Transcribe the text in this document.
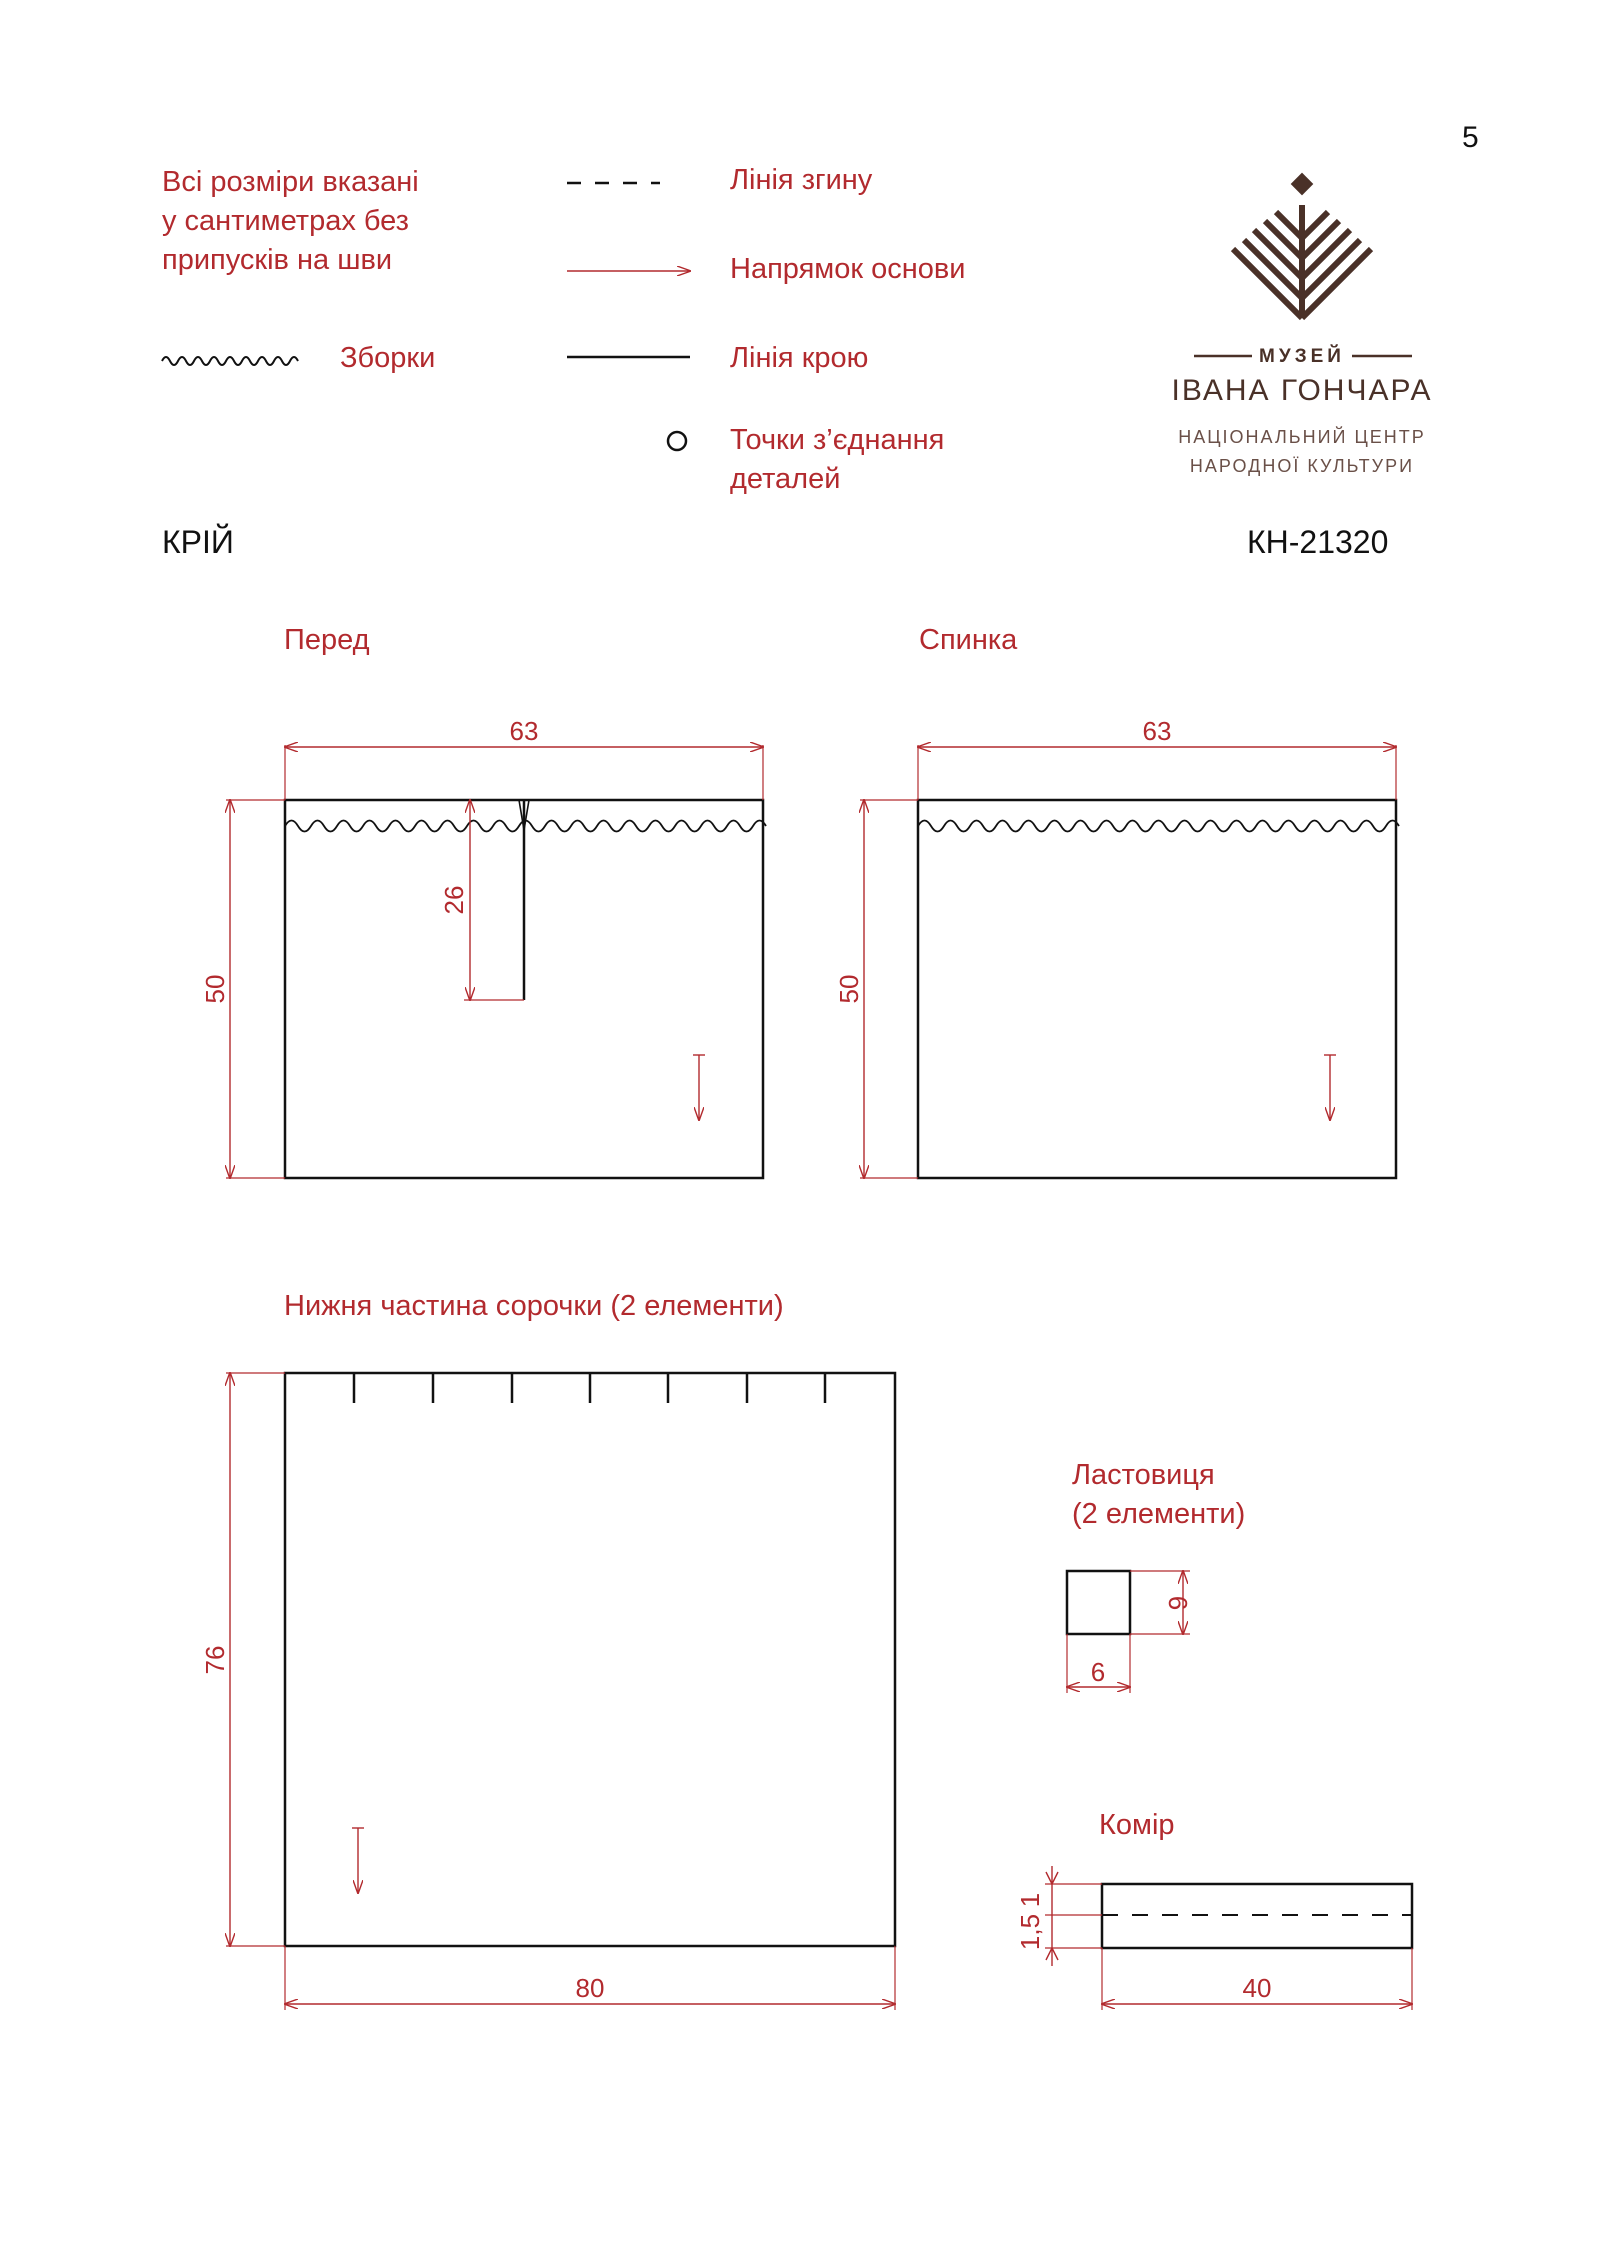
5
Всі розміри вказані
у сантиметрах без
припусків на шви
Зборки
Лінія згину
Напрямок основи
Лінія крою
Точки з’єднання
деталей
КРІЙ	КН-21320
Перед	Спинка
Нижня частина сорочки (2 елементи)
Ластовиця
(2 елементи)
Комір
МУЗЕЙ
ІВАНА ГОНЧАРА
НАЦІОНАЛЬНИЙ ЦЕНТР
НАРОДНОЇ КУЛЬТУРИ
63
50
26
63
50
76
80
6
6
1
1,5
40
